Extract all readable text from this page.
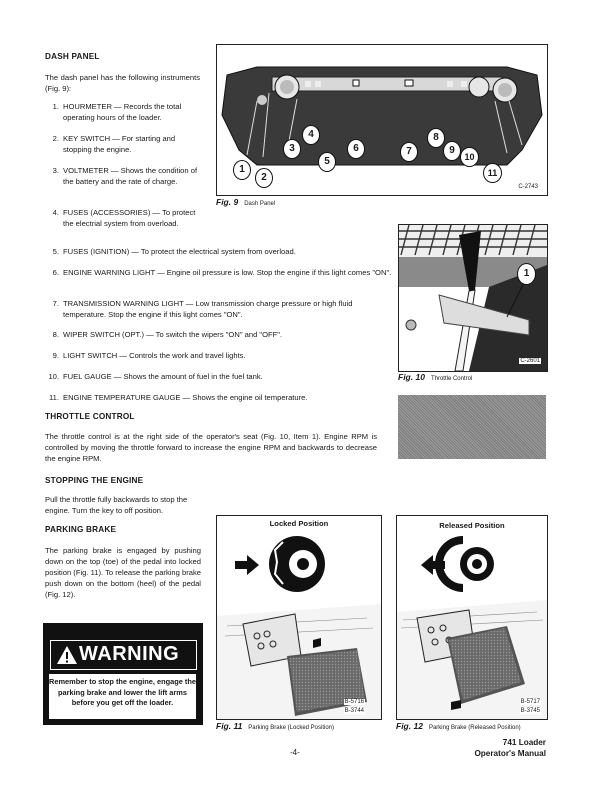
DASH PANEL
The dash panel has the following instruments (Fig. 9):
1. HOURMETER — Records the total operating hours of the loader.
2. KEY SWITCH — For starting and stopping the engine.
3. VOLTMETER — Shows the condition of the battery and the rate of charge.
4. FUSES (ACCESSORIES) — To protect the electrial system from overload.
5. FUSES (IGNITION) — To protect the electrical system from overload.
6. ENGINE WARNING LIGHT — Engine oil pressure is low. Stop the engine if this light comes "ON".
7. TRANSMISSION WARNING LIGHT — Low transmission charge pressure or high fluid temperature. Stop the engine if this light comes "ON".
8. WIPER SWITCH (OPT.) — To switch the wipers "ON" and "OFF".
9. LIGHT SWITCH — Controls the work and travel lights.
10. FUEL GAUGE — Shows the amount of fuel in the fuel tank.
11. ENGINE TEMPERATURE GAUGE — Shows the engine oil temperature.
THROTTLE CONTROL
The throttle control is at the right side of the operator's seat (Fig. 10, Item 1). Engine RPM is controlled by moving the throttle forward to increase the engine RPM and backwards to decrease the engine RPM.
STOPPING THE ENGINE
Pull the throttle fully backwards to stop the engine. Turn the key to off position.
PARKING BRAKE
The parking brake is engaged by pushing down on the top (toe) of the pedal into locked position (Fig. 11). To release the parking brake push down on the bottom (heel) of the pedal (Fig. 12).
WARNING
Remember to stop the engine, engage the parking brake and lower the lift arms before you get off the loader.
1
2
3
4
5
6	7
8
9
10
11
C-2743
Fig. 9 Dash Panel
1
C-2601
Fig. 10 Throttle Control
Locked Position
B-5716
B-3744
Fig. 11 Parking Brake (Locked Position)
Released Position
B-5717
B-3745
Fig. 12 Parking Brake (Released Position)
-4-
741 Loader
Operator's Manual
